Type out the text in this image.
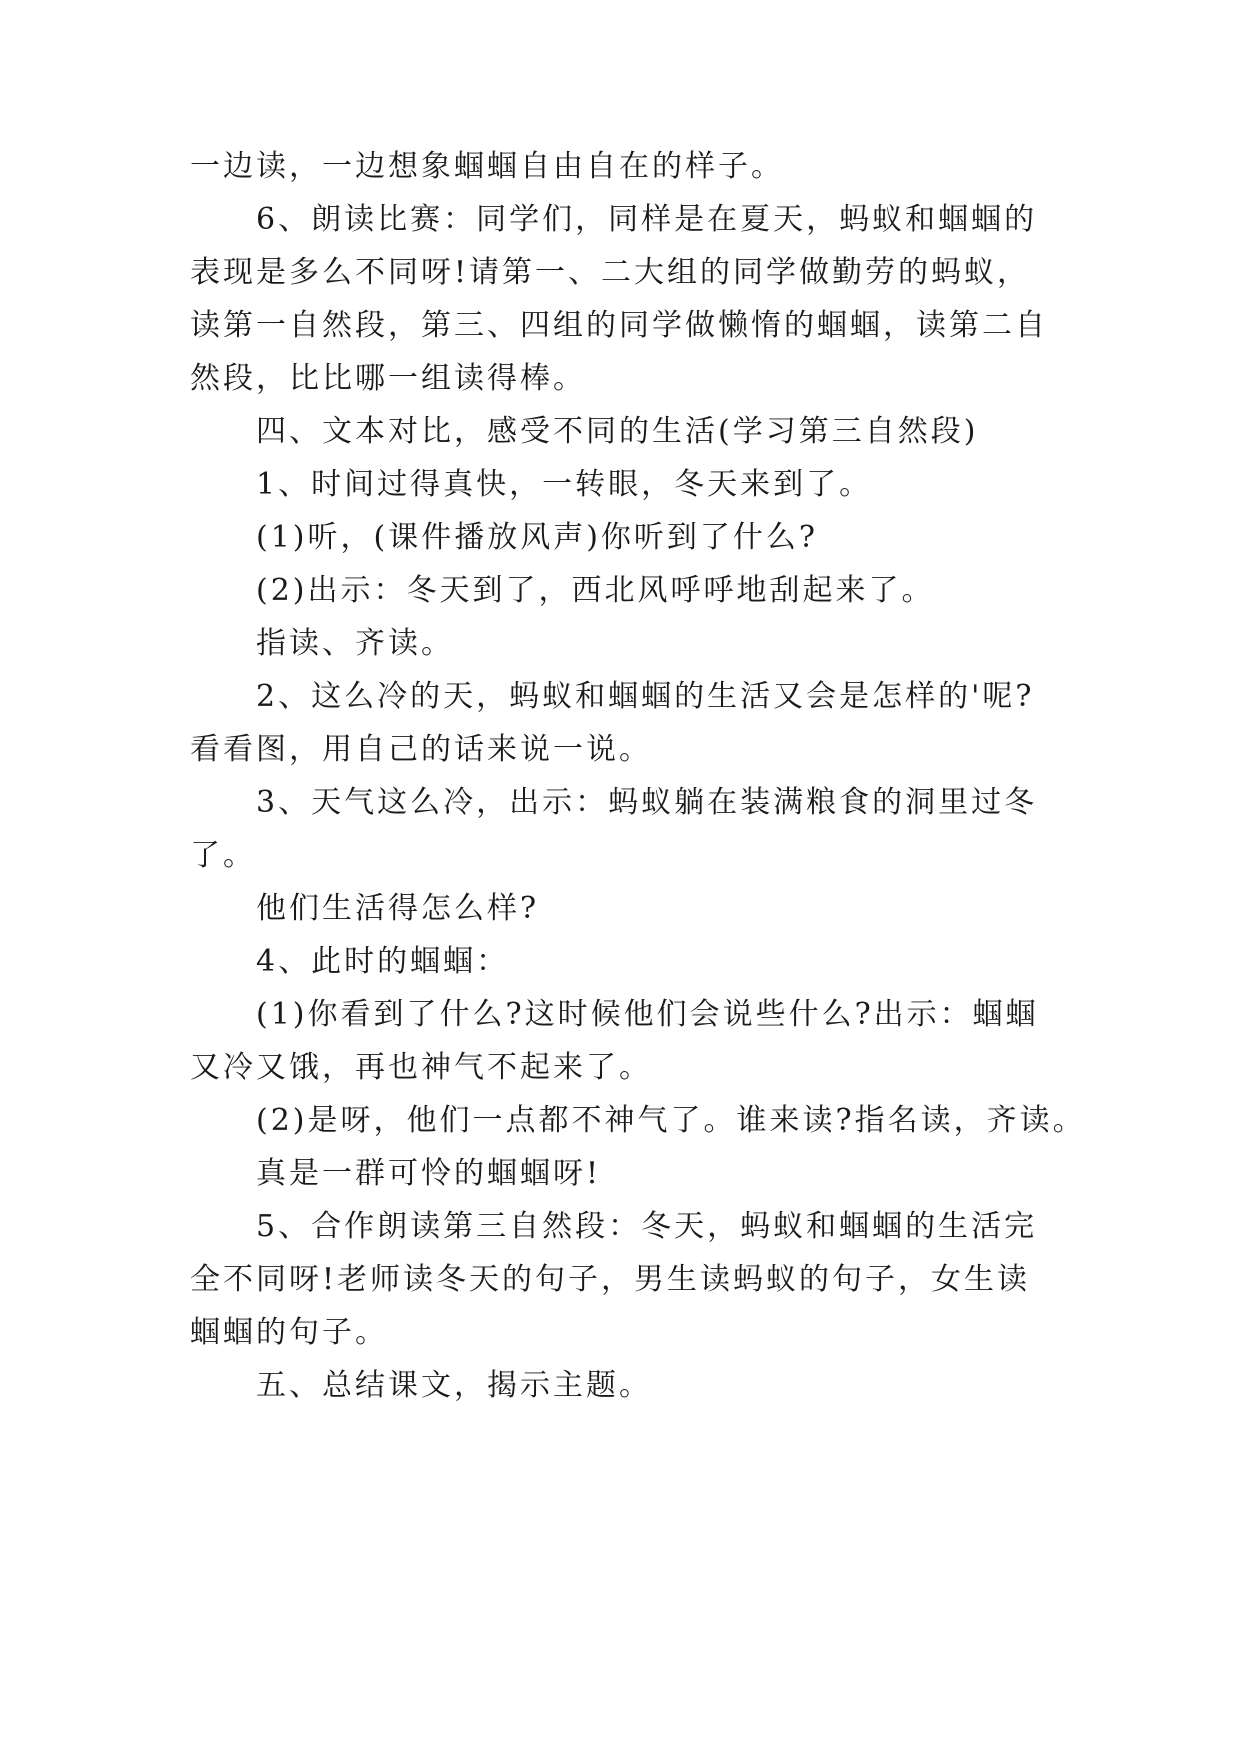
一边读，一边想象蝈蝈自由自在的样子。
6、朗读比赛：同学们，同样是在夏天，蚂蚁和蝈蝈的
表现是多么不同呀!请第一、二大组的同学做勤劳的蚂蚁，
读第一自然段，第三、四组的同学做懒惰的蝈蝈，读第二自
然段，比比哪一组读得棒。
四、文本对比，感受不同的生活(学习第三自然段)
1、时间过得真快，一转眼，冬天来到了。
(1)听，(课件播放风声)你听到了什么?
(2)出示：冬天到了，西北风呼呼地刮起来了。
指读、齐读。
2、这么冷的天，蚂蚁和蝈蝈的生活又会是怎样的'呢?
看看图，用自己的话来说一说。
3、天气这么冷，出示：蚂蚁躺在装满粮食的洞里过冬
了。
他们生活得怎么样?
4、此时的蝈蝈：
(1)你看到了什么?这时候他们会说些什么?出示：蝈蝈
又冷又饿，再也神气不起来了。
(2)是呀，他们一点都不神气了。谁来读?指名读，齐读。
真是一群可怜的蝈蝈呀!
5、合作朗读第三自然段：冬天，蚂蚁和蝈蝈的生活完
全不同呀!老师读冬天的句子，男生读蚂蚁的句子，女生读
蝈蝈的句子。
五、总结课文，揭示主题。
